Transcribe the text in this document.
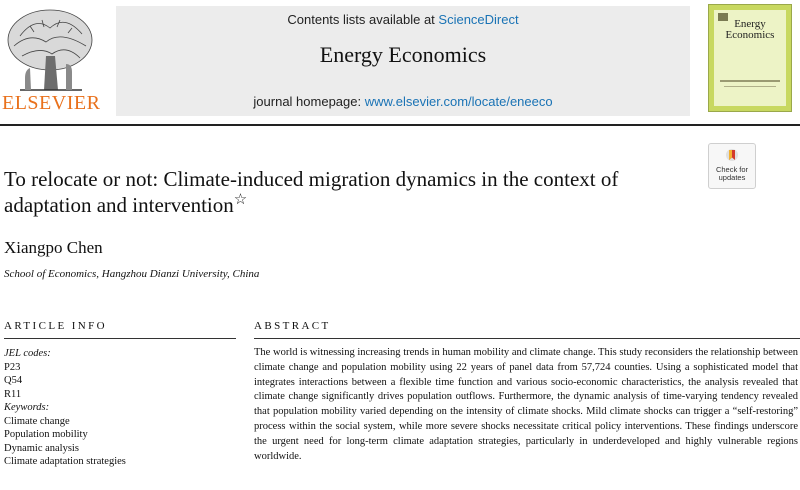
ELSEVIER
Contents lists available at ScienceDirect
Energy Economics
journal homepage: www.elsevier.com/locate/eneeco
Energy Economics
To relocate or not: Climate-induced migration dynamics in the context of adaptation and intervention☆
Check for updates
Xiangpo Chen
School of Economics, Hangzhou Dianzi University, China
ARTICLE INFO
JEL codes:
P23
Q54
R11
Keywords:
Climate change
Population mobility
Dynamic analysis
Climate adaptation strategies
ABSTRACT
The world is witnessing increasing trends in human mobility and climate change. This study reconsiders the relationship between climate change and population mobility using 22 years of panel data from 57,724 counties. Using a sophisticated model that integrates interactions between a flexible time function and various socio-economic characteristics, the analysis revealed that climate change significantly drives population outflows. Furthermore, the dynamic analysis of time-varying tendency revealed that population mobility varied depending on the intensity of climate shocks. Mild climate shocks can trigger a “self-restoring” process within the social system, while more severe shocks necessitate critical policy interventions. These findings underscore the urgent need for long-term climate adaptation strategies, particularly in underdeveloped and highly vulnerable regions worldwide.
